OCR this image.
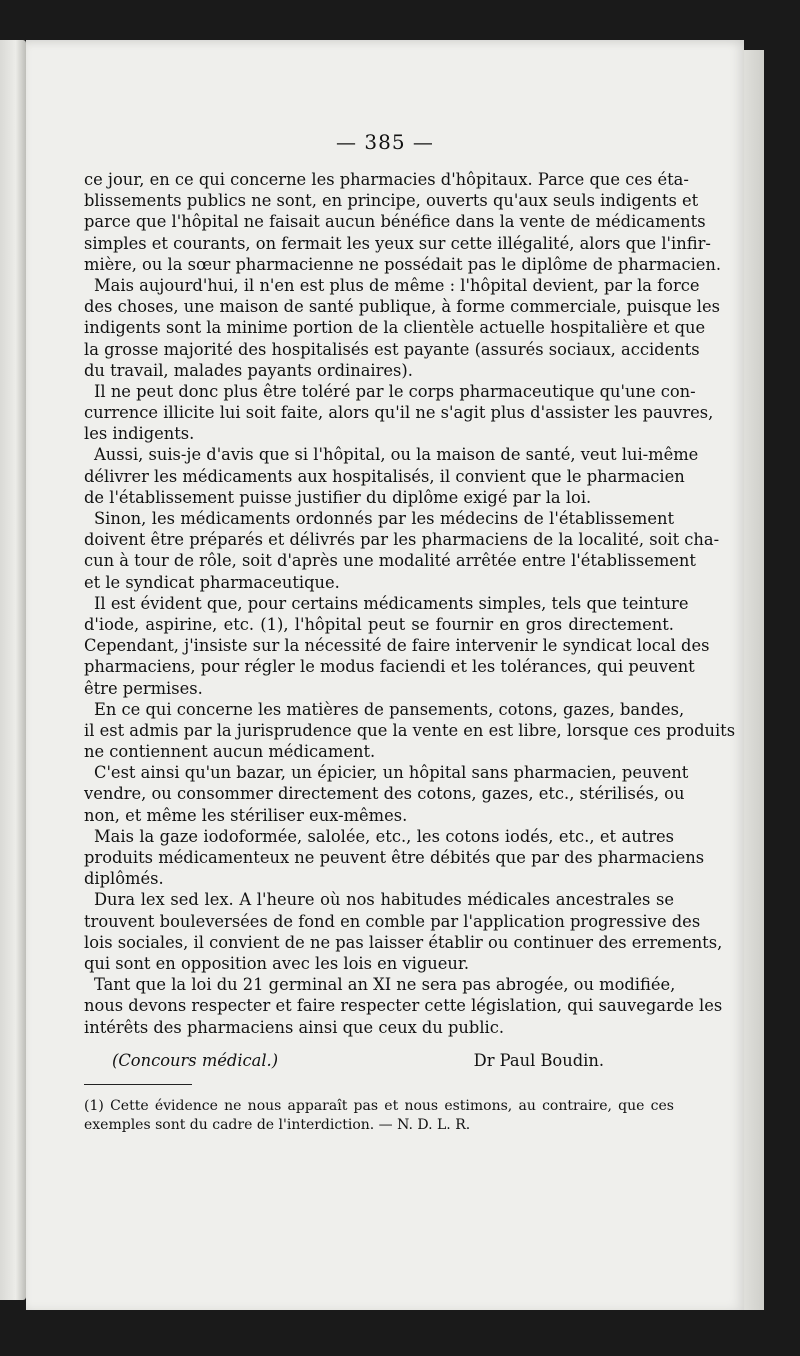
— 385 —
ce jour, en ce qui concerne les pharmacies d'hôpitaux. Parce que ces éta-
blissements publics ne sont, en principe, ouverts qu'aux seuls indigents et
parce que l'hôpital ne faisait aucun bénéfice dans la vente de médicaments
simples et courants, on fermait les yeux sur cette illégalité, alors que l'infir-
mière, ou la sœur pharmacienne ne possédait pas le diplôme de pharmacien.
Mais aujourd'hui, il n'en est plus de même : l'hôpital devient, par la force
des choses, une maison de santé publique, à forme commerciale, puisque les
indigents sont la minime portion de la clientèle actuelle hospitalière et que
la grosse majorité des hospitalisés est payante (assurés sociaux, accidents
du travail, malades payants ordinaires).
Il ne peut donc plus être toléré par le corps pharmaceutique qu'une con-
currence illicite lui soit faite, alors qu'il ne s'agit plus d'assister les pauvres,
les indigents.
Aussi, suis-je d'avis que si l'hôpital, ou la maison de santé, veut lui-même
délivrer les médicaments aux hospitalisés, il convient que le pharmacien
de l'établissement puisse justifier du diplôme exigé par la loi.
Sinon, les médicaments ordonnés par les médecins de l'établissement
doivent être préparés et délivrés par les pharmaciens de la localité, soit cha-
cun à tour de rôle, soit d'après une modalité arrêtée entre l'établissement
et le syndicat pharmaceutique.
Il est évident que, pour certains médicaments simples, tels que teinture
d'iode, aspirine, etc. (1), l'hôpital peut se fournir en gros directement.
Cependant, j'insiste sur la nécessité de faire intervenir le syndicat local des
pharmaciens, pour régler le modus faciendi et les tolérances, qui peuvent
être permises.
En ce qui concerne les matières de pansements, cotons, gazes, bandes,
il est admis par la jurisprudence que la vente en est libre, lorsque ces produits
ne contiennent aucun médicament.
C'est ainsi qu'un bazar, un épicier, un hôpital sans pharmacien, peuvent
vendre, ou consommer directement des cotons, gazes, etc., stérilisés, ou
non, et même les stériliser eux-mêmes.
Mais la gaze iodoformée, salolée, etc., les cotons iodés, etc., et autres
produits médicamenteux ne peuvent être débités que par des pharmaciens
diplômés.
Dura lex sed lex. A l'heure où nos habitudes médicales ancestrales se
trouvent bouleversées de fond en comble par l'application progressive des
lois sociales, il convient de ne pas laisser établir ou continuer des errements,
qui sont en opposition avec les lois en vigueur.
Tant que la loi du 21 germinal an XI ne sera pas abrogée, ou modifiée,
nous devons respecter et faire respecter cette législation, qui sauvegarde les
intérêts des pharmaciens ainsi que ceux du public.
(Concours médical.)	Dr Paul Boudin.
(1) Cette évidence ne nous apparaît pas et nous estimons, au contraire, que ces
exemples sont du cadre de l'interdiction. — N. D. L. R.
